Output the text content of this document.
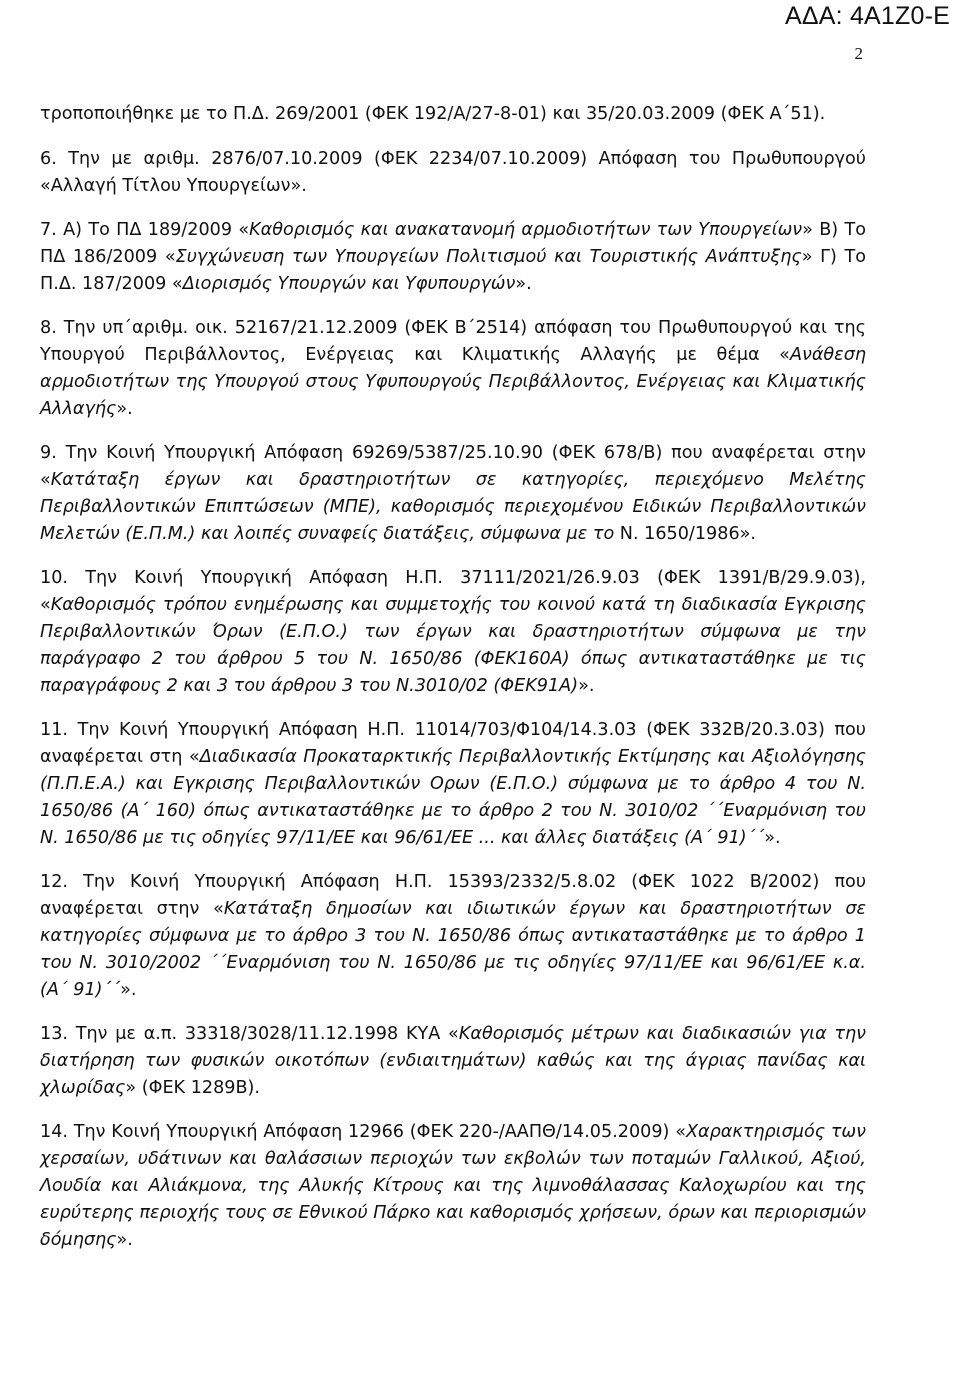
ΑΔΑ: 4Α1Ζ0-Ε
2

τροποποιήθηκε με το Π.Δ. 269/2001 (ΦΕΚ 192/Α/27-8-01) και 35/20.03.2009 (ΦΕΚ Α΄51).

6. Την με αριθμ. 2876/07.10.2009 (ΦΕΚ 2234/07.10.2009) Απόφαση του Πρωθυπουργού «Αλλαγή Τίτλου Υπουργείων».

7. Α) Το ΠΔ 189/2009 «Καθορισμός και ανακατανομή αρμοδιοτήτων των Υπουργείων» Β) Το ΠΔ 186/2009 «Συγχώνευση των Υπουργείων Πολιτισμού και Τουριστικής Ανάπτυξης» Γ) Το Π.Δ. 187/2009 «Διορισμός Υπουργών και Υφυπουργών».

8. Την υπ΄αριθμ. οικ. 52167/21.12.2009 (ΦΕΚ Β΄2514) απόφαση του Πρωθυπουργού και της Υπουργού Περιβάλλοντος, Ενέργειας και Κλιματικής Αλλαγής με θέμα «Ανάθεση αρμοδιοτήτων της Υπουργού στους Υφυπουργούς Περιβάλλοντος, Ενέργειας και Κλιματικής Αλλαγής».

9. Την Κοινή Υπουργική Απόφαση 69269/5387/25.10.90 (ΦΕΚ 678/Β) που αναφέρεται στην «Κατάταξη έργων και δραστηριοτήτων σε κατηγορίες, περιεχόμενο Μελέτης Περιβαλλοντικών Επιπτώσεων (ΜΠΕ), καθορισμός περιεχομένου Ειδικών Περιβαλλοντικών Μελετών (Ε.Π.Μ.) και λοιπές συναφείς διατάξεις, σύμφωνα με το Ν. 1650/1986».

10. Την Κοινή Υπουργική Απόφαση Η.Π. 37111/2021/26.9.03 (ΦΕΚ 1391/Β/29.9.03), «Καθορισμός τρόπου ενημέρωσης και συμμετοχής του κοινού κατά τη διαδικασία Εγκρισης Περιβαλλοντικών Όρων (Ε.Π.Ο.) των έργων και δραστηριοτήτων σύμφωνα με την παράγραφο 2 του άρθρου 5 του Ν. 1650/86 (ΦΕΚ160Α) όπως αντικαταστάθηκε με τις παραγράφους 2 και 3 του άρθρου 3 του Ν.3010/02 (ΦΕΚ91Α)».

11. Την Κοινή Υπουργική Απόφαση Η.Π. 11014/703/Φ104/14.3.03 (ΦΕΚ 332Β/20.3.03) που αναφέρεται στη «Διαδικασία Προκαταρκτικής Περιβαλλοντικής Εκτίμησης και Αξιολόγησης (Π.Π.Ε.Α.) και Εγκρισης Περιβαλλοντικών Ορων (Ε.Π.Ο.) σύμφωνα με το άρθρο 4 του Ν. 1650/86 (Α΄ 160) όπως αντικαταστάθηκε με το άρθρο 2 του Ν. 3010/02 ΄΄Εναρμόνιση του Ν. 1650/86 με τις οδηγίες 97/11/ΕΕ και 96/61/ΕΕ ... και άλλες διατάξεις (Α΄ 91)΄΄».

12. Την Κοινή Υπουργική Απόφαση Η.Π. 15393/2332/5.8.02 (ΦΕΚ 1022 Β/2002) που αναφέρεται στην «Κατάταξη δημοσίων και ιδιωτικών έργων και δραστηριοτήτων σε κατηγορίες σύμφωνα με το άρθρο 3 του Ν. 1650/86 όπως αντικαταστάθηκε με το άρθρο 1 του Ν. 3010/2002 ΄΄Εναρμόνιση του Ν. 1650/86 με τις οδηγίες 97/11/ΕΕ και 96/61/ΕΕ κ.α. (Α΄ 91)΄΄».

13. Την με α.π. 33318/3028/11.12.1998 ΚΥΑ «Καθορισμός μέτρων και διαδικασιών για την διατήρηση των φυσικών οικοτόπων (ενδιαιτημάτων) καθώς και της άγριας πανίδας και χλωρίδας» (ΦΕΚ 1289Β).

14. Την Κοινή Υπουργική Απόφαση 12966 (ΦΕΚ 220-/ΑΑΠΘ/14.05.2009) «Χαρακτηρισμός των χερσαίων, υδάτινων και θαλάσσιων περιοχών των εκβολών των ποταμών Γαλλικού, Αξιού, Λουδία και Αλιάκμονα, της Αλυκής Κίτρους και της λιμνοθάλασσας Καλοχωρίου και της ευρύτερης περιοχής τους σε Εθνικού Πάρκο και καθορισμός χρήσεων, όρων και περιορισμών δόμησης».
